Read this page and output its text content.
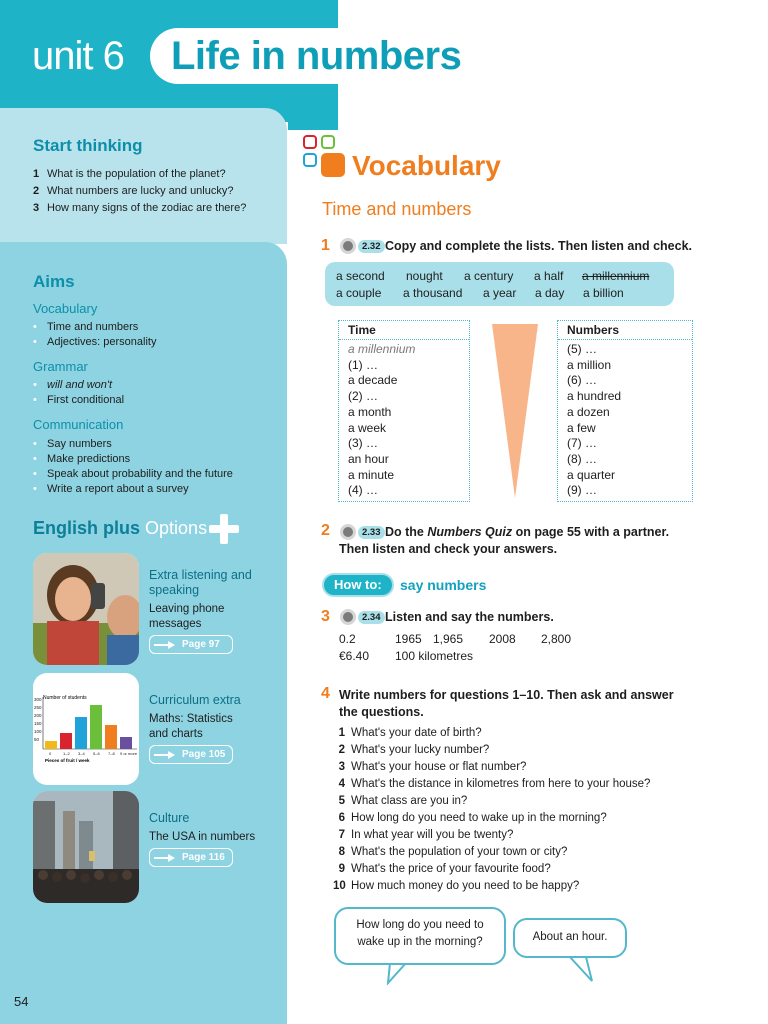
unit 6 Life in numbers
Start thinking
1 What is the population of the planet?
2 What numbers are lucky and unlucky?
3 How many signs of the zodiac are there?
Aims
Vocabulary
• Time and numbers
• Adjectives: personality
Grammar
• will and won't
• First conditional
Communication
• Say numbers
• Make predictions
• Speak about probability and the future
• Write a report about a survey
English plus Options
Extra listening and speaking
Leaving phone messages
Page 97
Number of students
300
250
200
150
100
50
0	1–2 3–4 5–6 7–8 9 or more
Pieces of fruit / week
Curriculum extra
Maths: Statistics and charts
Page 105
Culture
The USA in numbers
Page 116
54
Vocabulary
Time and numbers
1	2.32 Copy and complete the lists. Then listen and check.
a second nought a century a half a millennium
a couple a thousand a year a day a billion
Time
a millennium
(1) …
a decade
(2) …
a month
a week
(3) …
an hour
a minute
(4) …
Numbers
(5) …
a million
(6) …
a hundred
a dozen
a few
(7) …
(8) …
a quarter
(9) …
2	2.33 Do the Numbers Quiz on page 55 with a partner.
Then listen and check your answers.
How to: say numbers
3	2.34 Listen and say the numbers.
0.2	1965 1,965 2008 2,800
€6.40 100 kilometres
4 Write numbers for questions 1–10. Then ask and answer
the questions.
1 What's your date of birth?
2 What's your lucky number?
3 What's your house or flat number?
4 What's the distance in kilometres from here to your house?
5 What class are you in?
6 How long do you need to wake up in the morning?
7 In what year will you be twenty?
8 What's the population of your town or city?
9 What's the price of your favourite food?
10 How much money do you need to be happy?
How long do you need to wake up in the morning?	About an hour.
